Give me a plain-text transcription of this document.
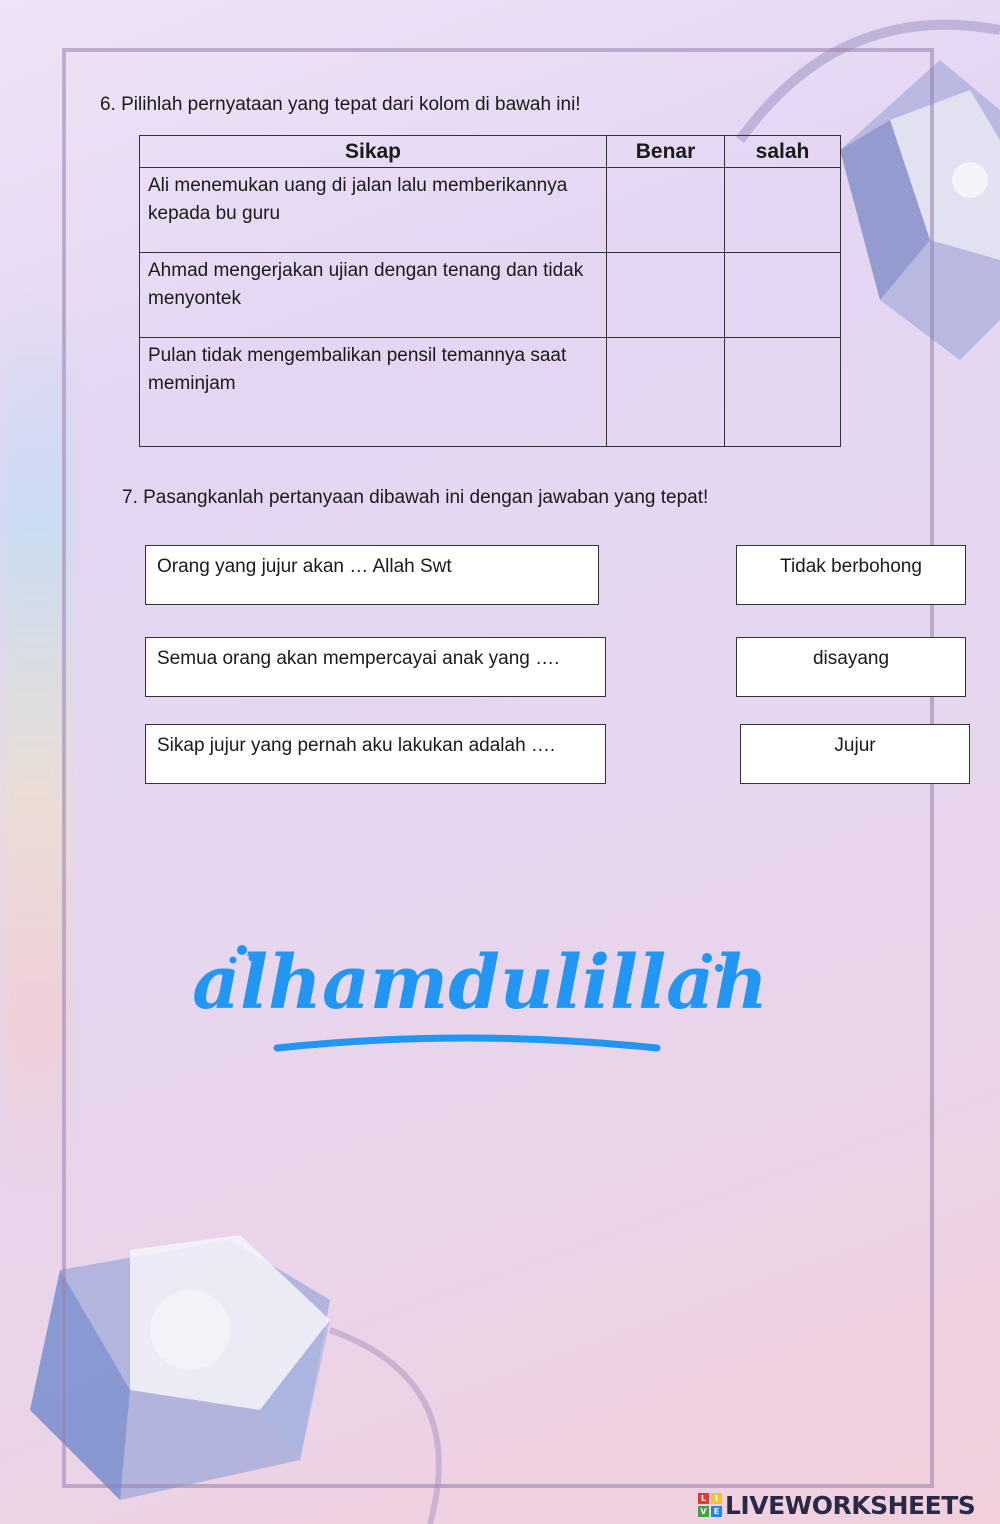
6. Pilihlah pernyataan yang tepat dari kolom di bawah ini!

Sikap	Benar	salah
Ali menemukan uang di jalan lalu memberikannya kepada bu guru		
Ahmad mengerjakan ujian dengan tenang dan tidak menyontek		
Pulan tidak mengembalikan pensil temannya saat meminjam		

7. Pasangkanlah pertanyaan dibawah ini dengan jawaban yang tepat!

Orang yang jujur akan … Allah Swt
Semua orang akan mempercayai anak yang ….
Sikap jujur yang pernah aku lakukan adalah ….
Tidak berbohong
disayang
Jujur
alhamdulillah
L	I
V E LIVEWORKSHEETS
